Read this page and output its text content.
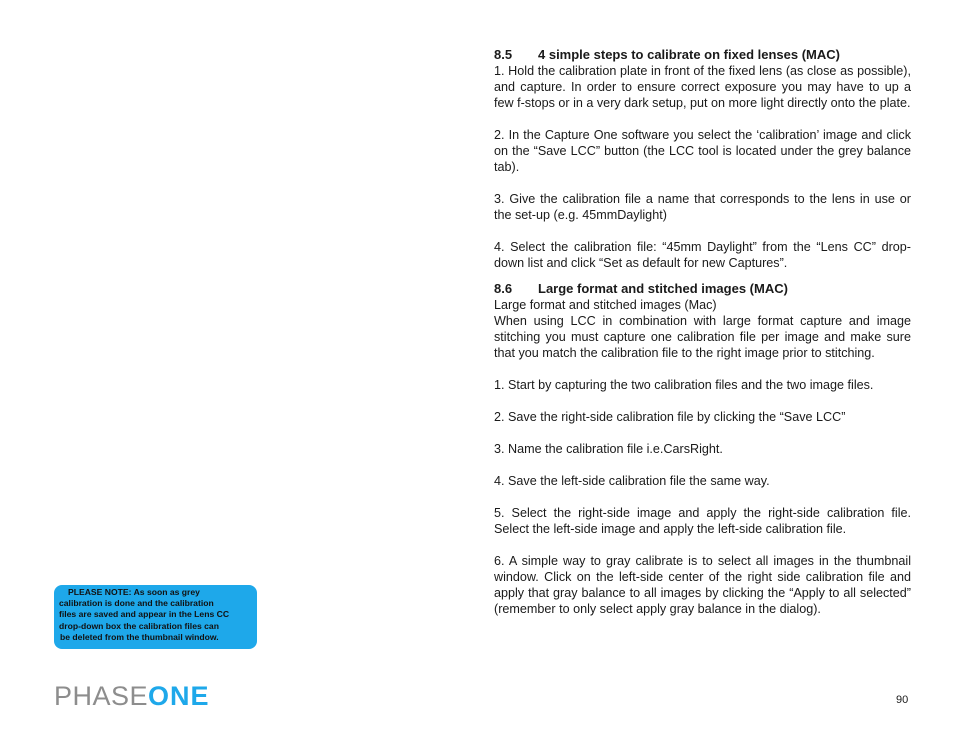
8.5 4 simple steps to calibrate on fixed lenses (MAC)

1. Hold the calibration plate in front of the fixed lens (as close as possible), and capture. In order to ensure correct exposure you may have to up a few f-stops or in a very dark setup, put on more light directly onto the plate.

2. In the Capture One software you select the ‘calibration’ image and click on the “Save LCC” button (the LCC tool is located under the grey balance tab).

3. Give the calibration file a name that corresponds to the lens in use or the set-up (e.g. 45mmDaylight)

4. Select the calibration file: “45mm Daylight” from the “Lens CC” drop-down list and click “Set as default for new Captures”.

8.6 Large format and stitched images (MAC)

Large format and stitched images (Mac)

When using LCC in combination with large format capture and image stitching you must capture one calibration file per image and make sure that you match the calibration file to the right image prior to stitching.

1. Start by capturing the two calibration files and the two image files.

2. Save the right-side calibration file by clicking the “Save LCC”

3. Name the calibration file i.e.CarsRight.

4. Save the left-side calibration file the same way.

5. Select the right-side image and apply the right-side calibration file. Select the left-side image and apply the left-side calibration file.

6. A simple way to gray calibrate is to select all images in the thumbnail window. Click on the left-side center of the right side calibration file and apply that gray balance to all images by clicking the “Apply to all selected” (remember to only select apply gray balance in the dialog).

PLEASE NOTE: As soon as grey
calibration is done and the calibration
files are saved and appear in the Lens CC
drop-down box the calibration files can
be deleted from the thumbnail window.
PHASE ONE	90
